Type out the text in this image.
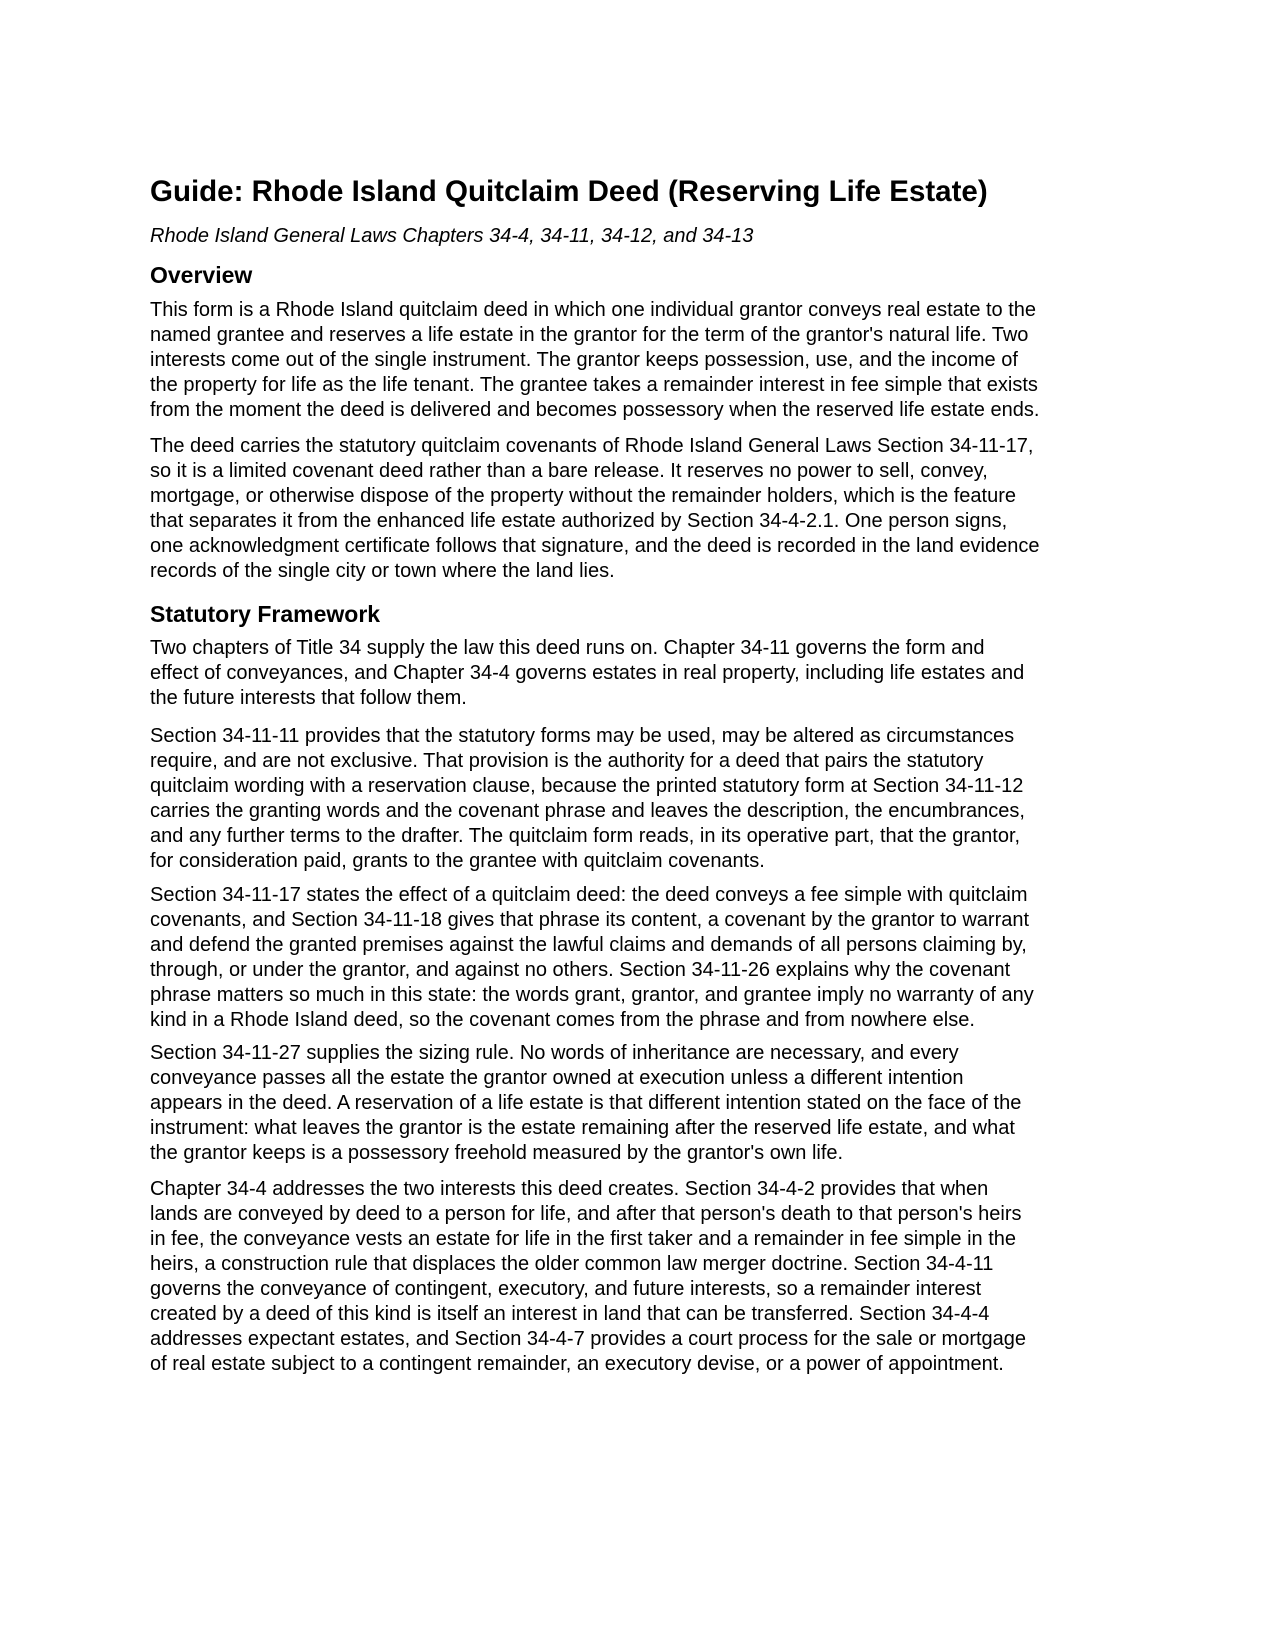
Guide: Rhode Island Quitclaim Deed (Reserving Life Estate)

Rhode Island General Laws Chapters 34-4, 34-11, 34-12, and 34-13

Overview

This form is a Rhode Island quitclaim deed in which one individual grantor conveys real estate to the
named grantee and reserves a life estate in the grantor for the term of the grantor's natural life. Two
interests come out of the single instrument. The grantor keeps possession, use, and the income of
the property for life as the life tenant. The grantee takes a remainder interest in fee simple that exists
from the moment the deed is delivered and becomes possessory when the reserved life estate ends.

The deed carries the statutory quitclaim covenants of Rhode Island General Laws Section 34-11-17,
so it is a limited covenant deed rather than a bare release. It reserves no power to sell, convey,
mortgage, or otherwise dispose of the property without the remainder holders, which is the feature
that separates it from the enhanced life estate authorized by Section 34-4-2.1. One person signs,
one acknowledgment certificate follows that signature, and the deed is recorded in the land evidence
records of the single city or town where the land lies.

Statutory Framework

Two chapters of Title 34 supply the law this deed runs on. Chapter 34-11 governs the form and
effect of conveyances, and Chapter 34-4 governs estates in real property, including life estates and
the future interests that follow them.

Section 34-11-11 provides that the statutory forms may be used, may be altered as circumstances
require, and are not exclusive. That provision is the authority for a deed that pairs the statutory
quitclaim wording with a reservation clause, because the printed statutory form at Section 34-11-12
carries the granting words and the covenant phrase and leaves the description, the encumbrances,
and any further terms to the drafter. The quitclaim form reads, in its operative part, that the grantor,
for consideration paid, grants to the grantee with quitclaim covenants.

Section 34-11-17 states the effect of a quitclaim deed: the deed conveys a fee simple with quitclaim
covenants, and Section 34-11-18 gives that phrase its content, a covenant by the grantor to warrant
and defend the granted premises against the lawful claims and demands of all persons claiming by,
through, or under the grantor, and against no others. Section 34-11-26 explains why the covenant
phrase matters so much in this state: the words grant, grantor, and grantee imply no warranty of any
kind in a Rhode Island deed, so the covenant comes from the phrase and from nowhere else.

Section 34-11-27 supplies the sizing rule. No words of inheritance are necessary, and every
conveyance passes all the estate the grantor owned at execution unless a different intention
appears in the deed. A reservation of a life estate is that different intention stated on the face of the
instrument: what leaves the grantor is the estate remaining after the reserved life estate, and what
the grantor keeps is a possessory freehold measured by the grantor's own life.

Chapter 34-4 addresses the two interests this deed creates. Section 34-4-2 provides that when
lands are conveyed by deed to a person for life, and after that person's death to that person's heirs
in fee, the conveyance vests an estate for life in the first taker and a remainder in fee simple in the
heirs, a construction rule that displaces the older common law merger doctrine. Section 34-4-11
governs the conveyance of contingent, executory, and future interests, so a remainder interest
created by a deed of this kind is itself an interest in land that can be transferred. Section 34-4-4
addresses expectant estates, and Section 34-4-7 provides a court process for the sale or mortgage
of real estate subject to a contingent remainder, an executory devise, or a power of appointment.
